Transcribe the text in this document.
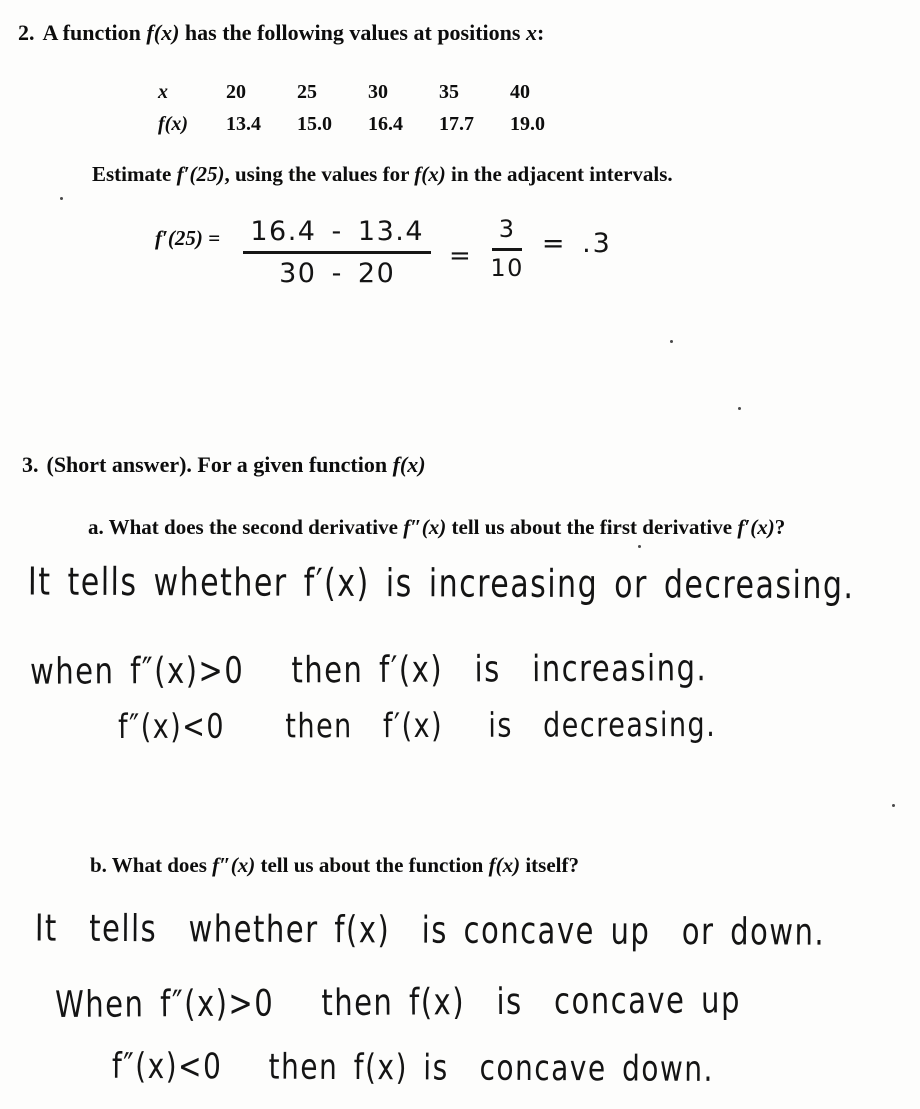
2. A function f(x) has the following values at positions x:
x	20	25	30	35	40
f(x)	13.4	15.0	16.4	17.7	19.0
Estimate f′(25), using the values for f(x) in the adjacent intervals.
$f'(25) = \frac{16.4 - 13.4}{30 - 20} = \frac{3}{10} = .3$
3. (Short answer). For a given function f(x)
a. What does the second derivative f″(x) tell us about the first derivative f′(x)?
It tells whether f′(x) is increasing or decreasing.
when f″(x)>0   then f′(x)  is  increasing.
f″(x)<0    then  f′(x)   is  decreasing.
b. What does f″(x) tell us about the function f(x) itself?
It  tells  whether f(x)  is concave up  or down.
When f″(x)>0   then f(x)  is  concave up
f″(x)<0   then f(x) is  concave down.
